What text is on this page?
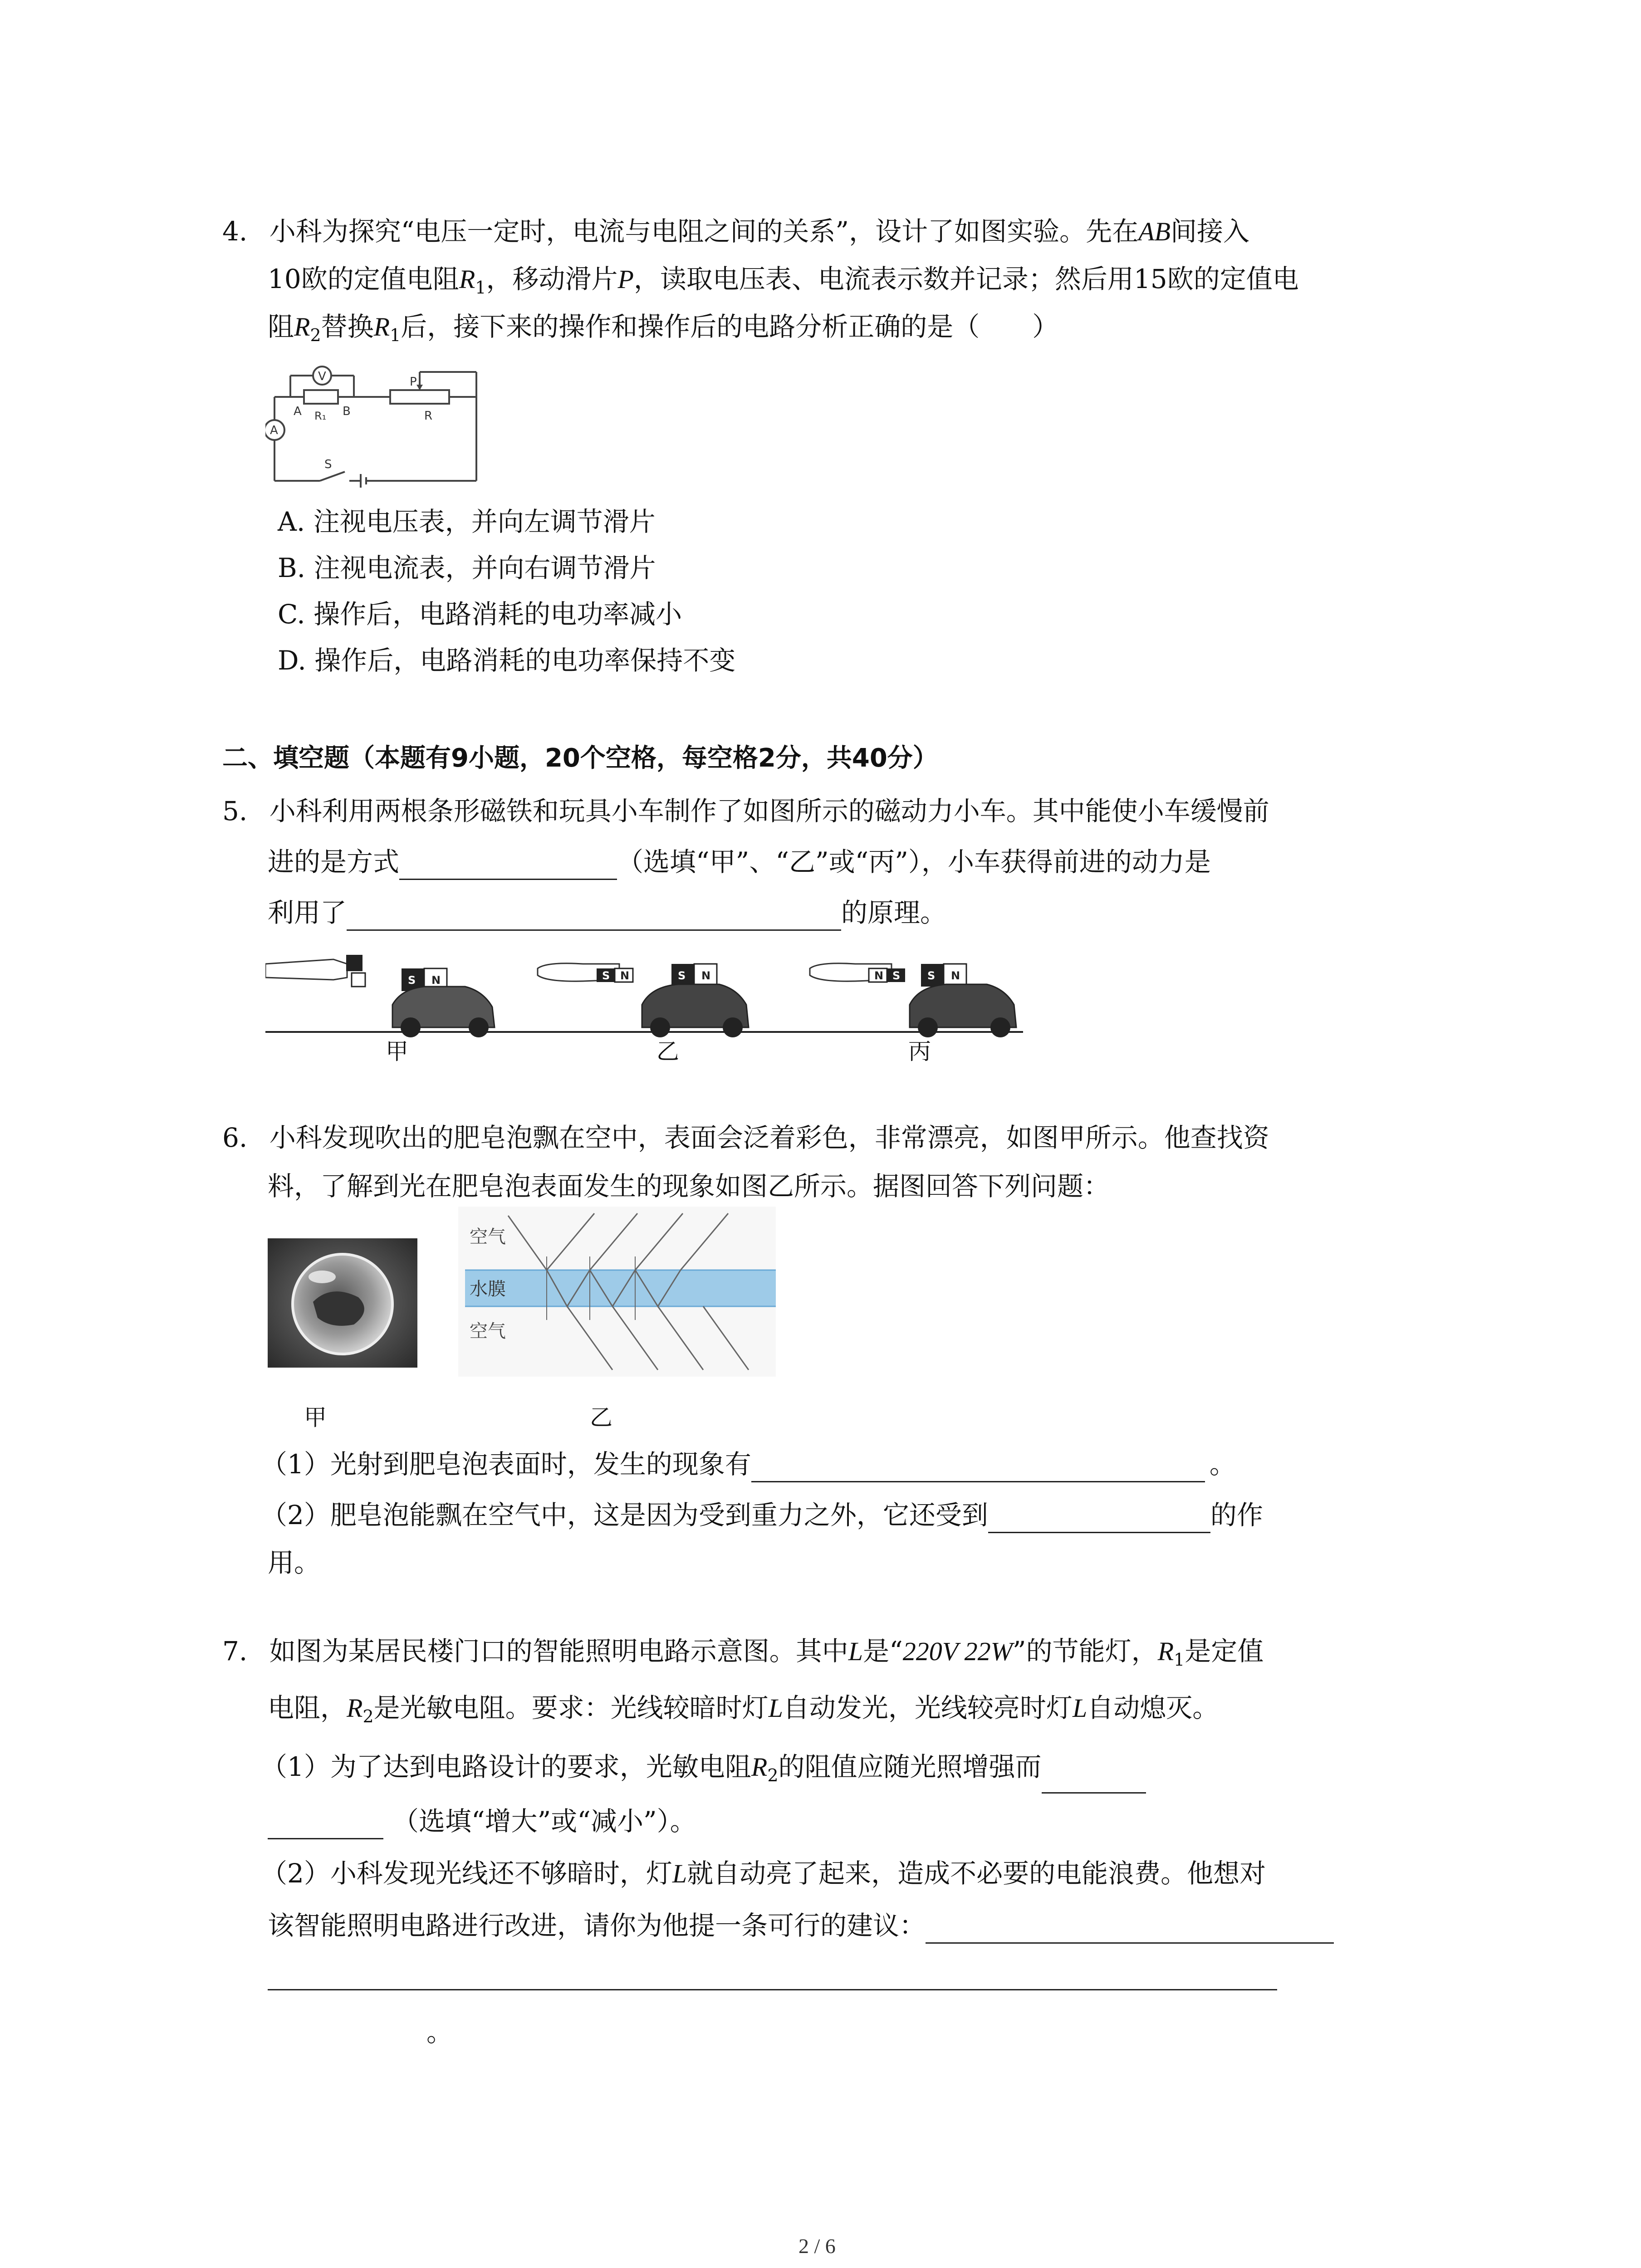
4. 小科为探究“电压一定时，电流与电阻之间的关系”，设计了如图实验。先在AB间接入
10欧的定值电阻$R_1$，移动滑片P，读取电压表、电流表示数并记录；然后用15欧的定值电
阻$R_2$替换$R_1$后，接下来的操作和操作后的电路分析正确的是（　　）
V
A
A R₁ B
P
R
S
A. 注视电压表，并向左调节滑片
B. 注视电流表，并向右调节滑片
C. 操作后，电路消耗的电功率减小
D. 操作后，电路消耗的电功率保持不变
二、填空题（本题有9小题，20个空格，每空格2分，共40分）
5. 小科利用两根条形磁铁和玩具小车制作了如图所示的磁动力小车。其中能使小车缓慢前
进的是方式	（选填“甲”、“乙”或“丙”），小车获得前进的动力是
利用了	的原理。
S N	S N	S N
S N	N S
甲	乙	丙
6. 小科发现吹出的肥皂泡飘在空中，表面会泛着彩色，非常漂亮，如图甲所示。他查找资
料，了解到光在肥皂泡表面发生的现象如图乙所示。据图回答下列问题：
空气
水膜
空气
甲	乙
（1）光射到肥皂泡表面时，发生的现象有	。
（2）肥皂泡能飘在空气中，这是因为受到重力之外，它还受到	的作
用。
7. 如图为某居民楼门口的智能照明电路示意图。其中L是“220V 22W”的节能灯，$R_1$是定值
电阻，$R_2$是光敏电阻。要求：光线较暗时灯L自动发光，光线较亮时灯L自动熄灭。
（1）为了达到电路设计的要求，光敏电阻$R_2$的阻值应随光照增强而
（选填“增大”或“减小”）。
（2）小科发现光线还不够暗时，灯L就自动亮了起来，造成不必要的电能浪费。他想对
该智能照明电路进行改进，请你为他提一条可行的建议：
。
2 / 6
